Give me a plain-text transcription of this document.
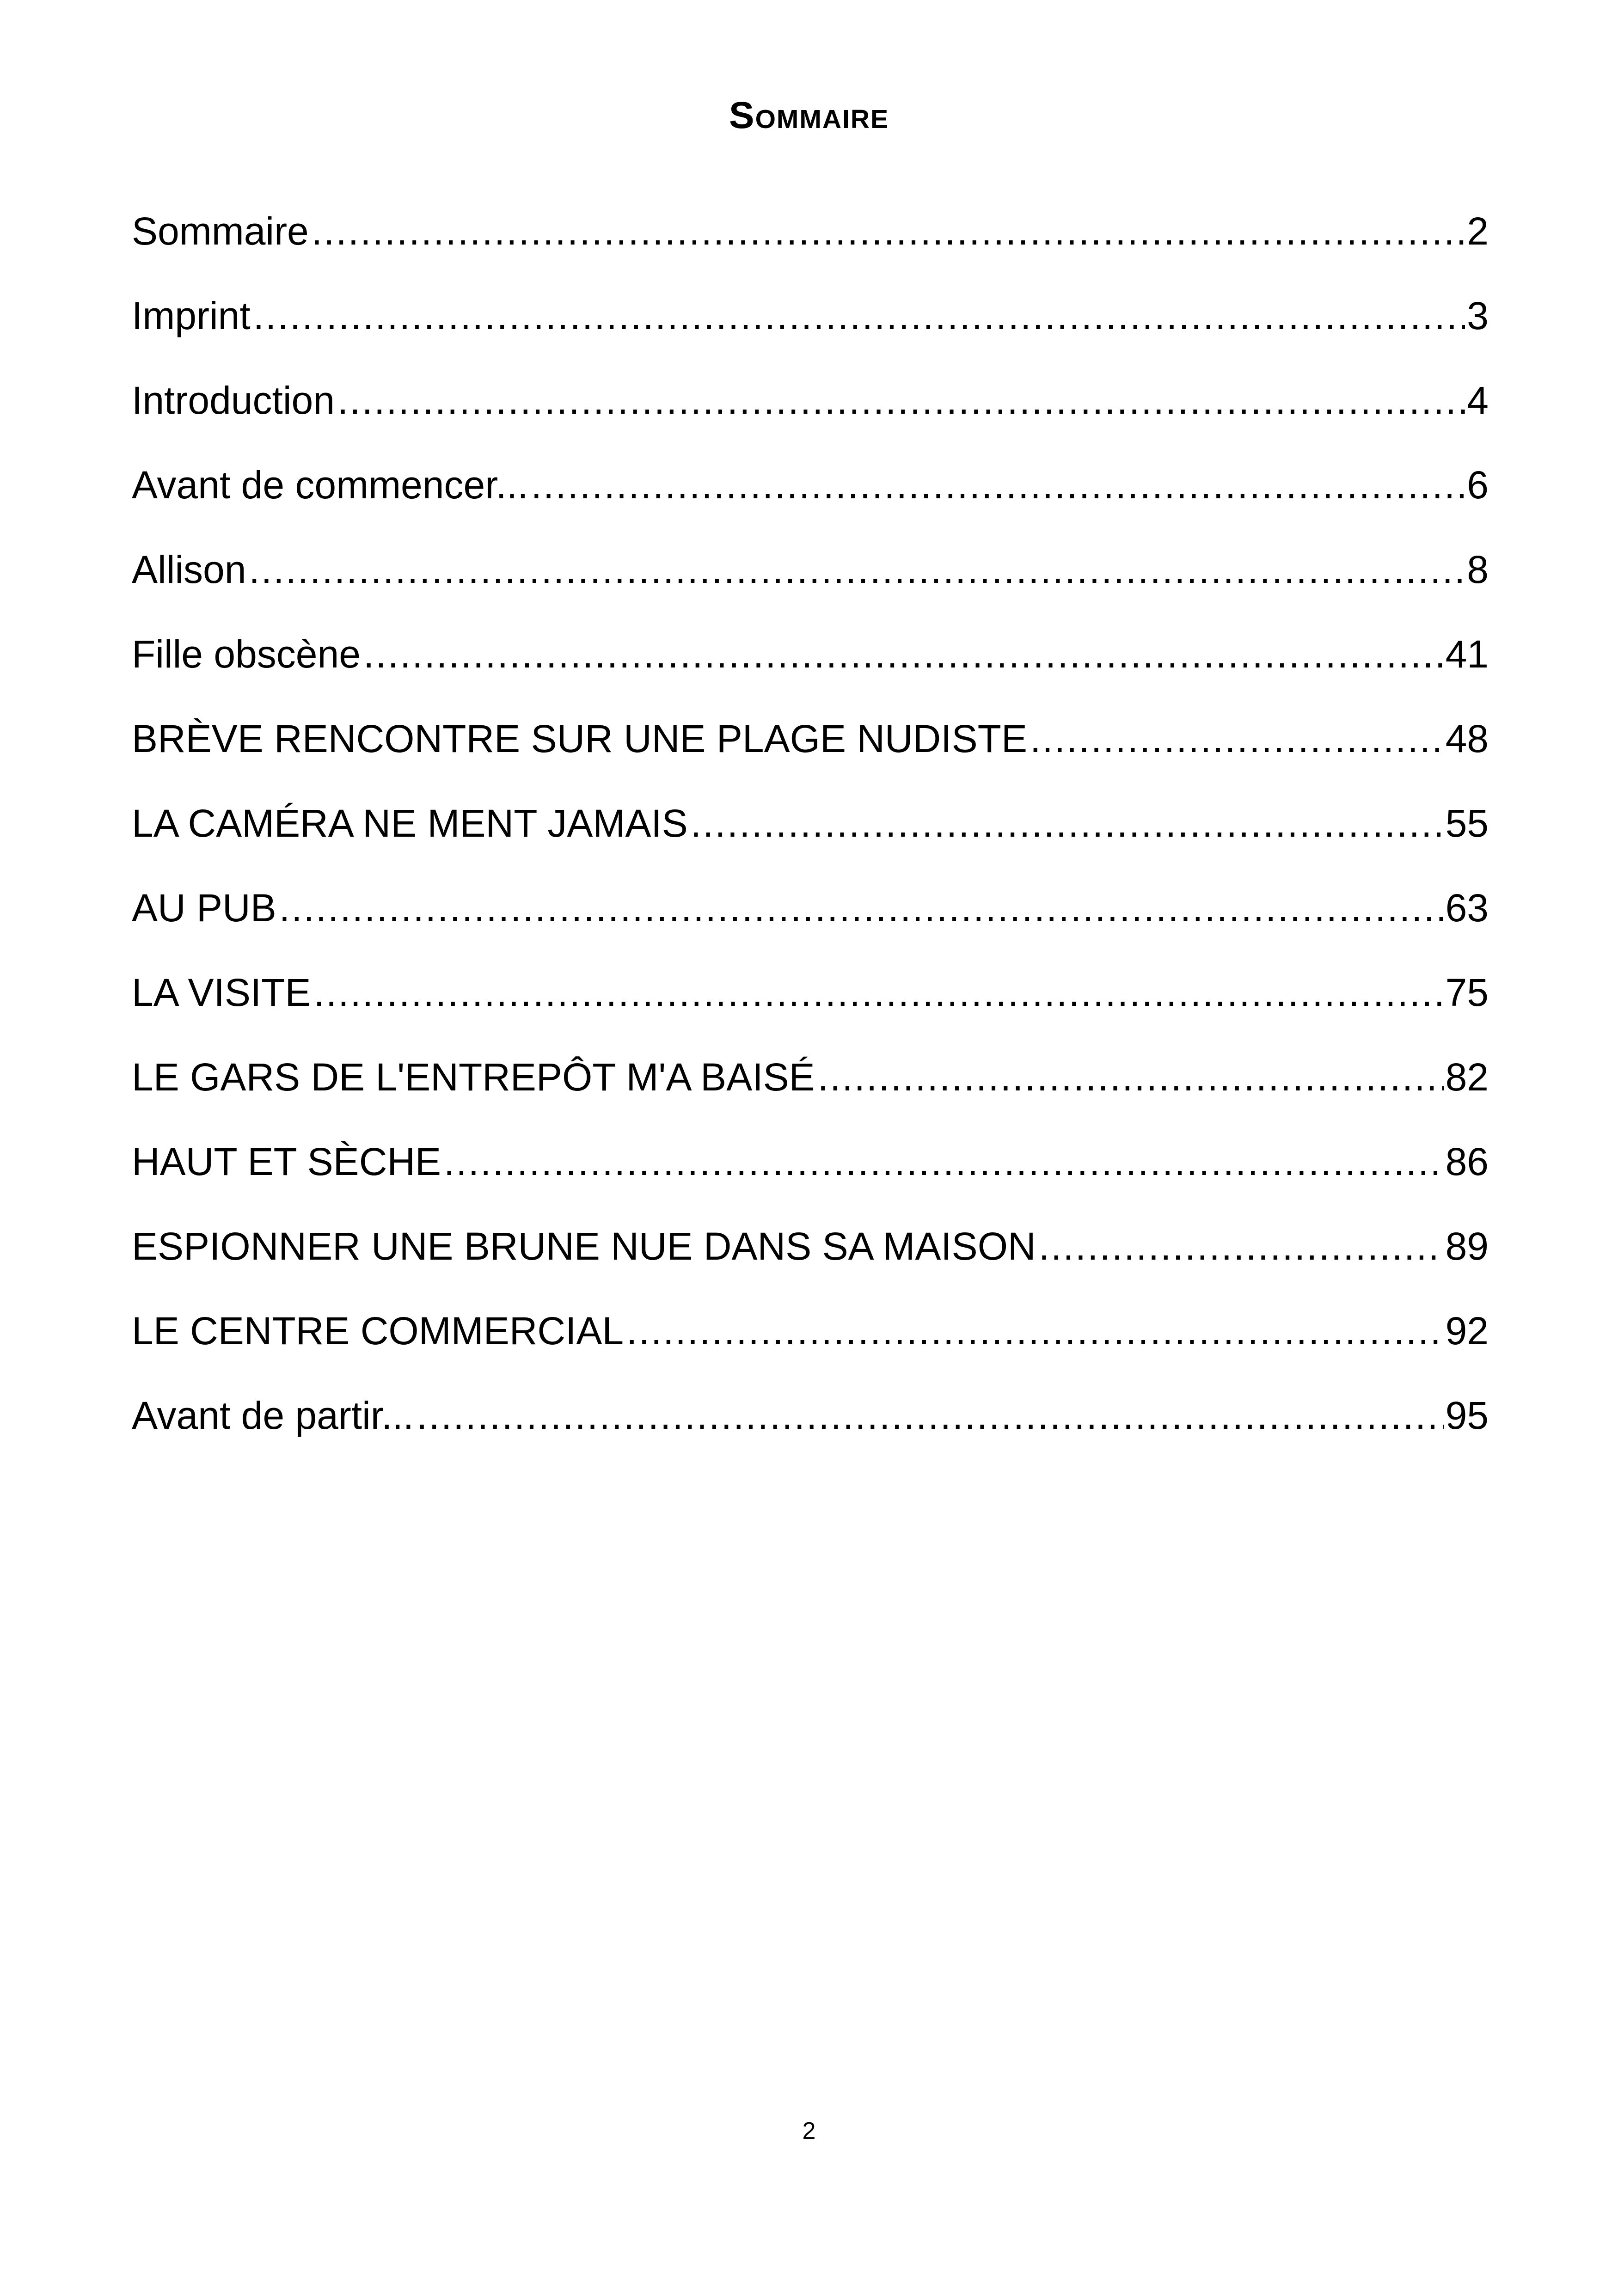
Sommaire
Sommaire .....	2
Imprint .....	3
Introduction .....	4
Avant de commencer... .....	6
Allison .....	8
Fille obscène .....	41
BRÈVE RENCONTRE SUR UNE PLAGE NUDISTE .....	48
LA CAMÉRA NE MENT JAMAIS .....	55
AU PUB .....	63
LA VISITE .....	75
LE GARS DE L'ENTREPÔT M'A BAISÉ .....	82
HAUT ET SÈCHE .....	86
ESPIONNER UNE BRUNE NUE DANS SA MAISON .....	89
LE CENTRE COMMERCIAL .....	92
Avant de partir... .....	95
2
